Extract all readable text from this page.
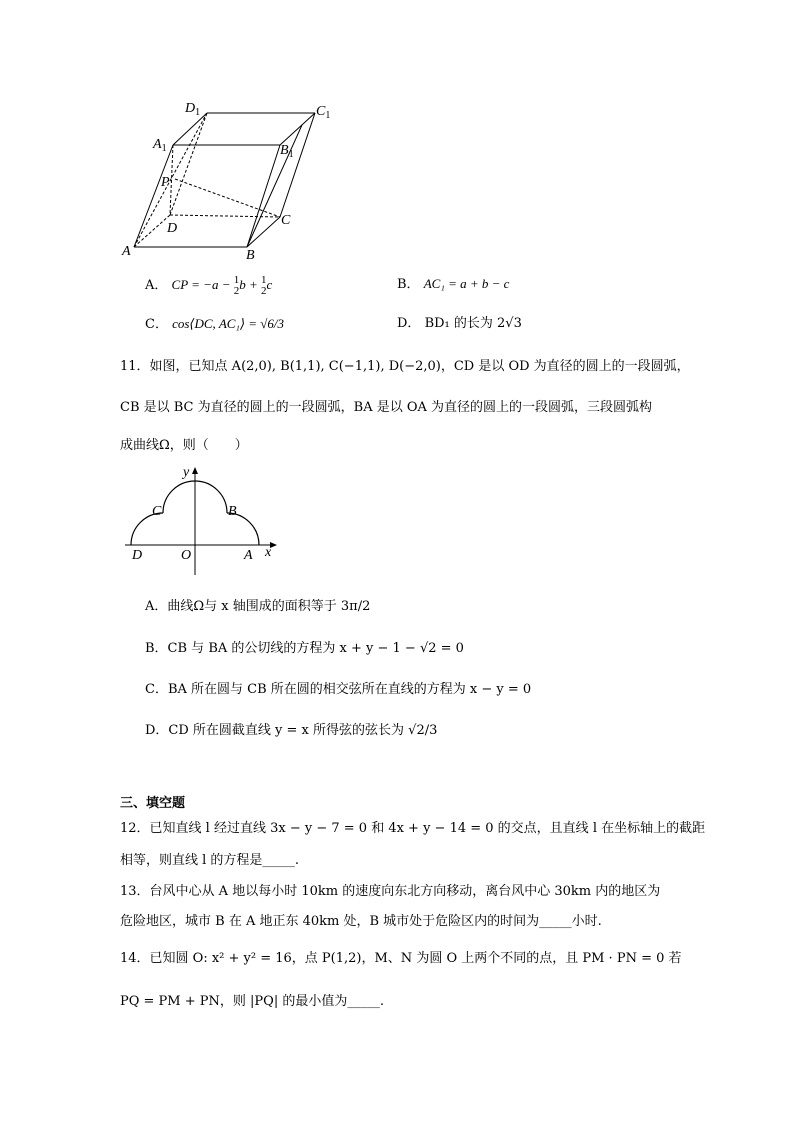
$D_1$	$C_1$
$A_1$	$B_1$
P
C
D
A	B
A． CP = −a − 1
2b + 1
2c	B． AC₁ = a + b − c
C． cos⟨DC, AC₁⟩ = √6/3	D． BD₁ 的长为 2√3
11．如图，已知点 A(2,0), B(1,1), C(−1,1), D(−2,0)，CD 是以 OD 为直径的圆上的一段圆弧，
CB 是以 BC 为直径的圆上的一段圆弧，BA 是以 OA 为直径的圆上的一段圆弧，三段圆弧构
成曲线Ω，则（　　）
y
C	B
D	O	A x
A．曲线Ω与 x 轴围成的面积等于 3π/2
B．CB 与 BA 的公切线的方程为 x + y − 1 − √2 = 0
C．BA 所在圆与 CB 所在圆的相交弦所在直线的方程为 x − y = 0
D．CD 所在圆截直线 y = x 所得弦的弦长为 √2/3
三、填空题
12．已知直线 l 经过直线 3x − y − 7 = 0 和 4x + y − 14 = 0 的交点，且直线 l 在坐标轴上的截距
相等，则直线 l 的方程是_____.
13．台风中心从 A 地以每小时 10km 的速度向东北方向移动，离台风中心 30km 内的地区为
危险地区，城市 B 在 A 地正东 40km 处，B 城市处于危险区内的时间为_____小时.
14．已知圆 O: x² + y² = 16，点 P(1,2)，M、N 为圆 O 上两个不同的点，且 PM · PN = 0 若
PQ = PM + PN，则 |PQ| 的最小值为_____.
